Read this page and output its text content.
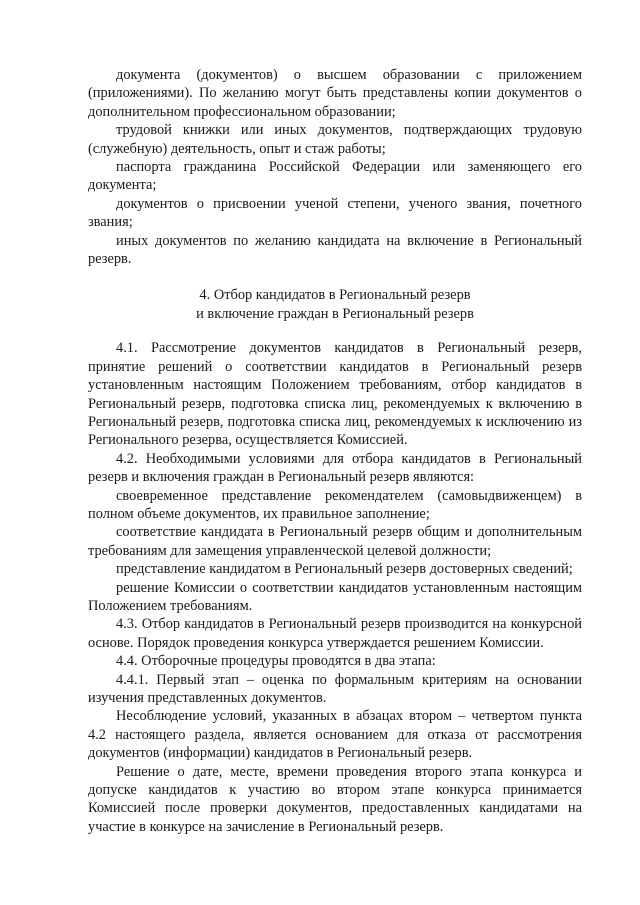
документа (документов) о высшем образовании с приложением (приложениями). По желанию могут быть представлены копии документов о дополнительном профессиональном образовании;

трудовой книжки или иных документов, подтверждающих трудовую (служебную) деятельность, опыт и стаж работы;

паспорта гражданина Российской Федерации или заменяющего его документа;

документов о присвоении ученой степени, ученого звания, почетного звания;

иных документов по желанию кандидата на включение в Региональный резерв.

4. Отбор кандидатов в Региональный резерв
и включение граждан в Региональный резерв

4.1. Рассмотрение документов кандидатов в Региональный резерв, принятие решений о соответствии кандидатов в Региональный резерв установленным настоящим Положением требованиям, отбор кандидатов в Региональный резерв, подготовка списка лиц, рекомендуемых к включению в Региональный резерв, подготовка списка лиц, рекомендуемых к исключению из Регионального резерва, осуществляется Комиссией.

4.2. Необходимыми условиями для отбора кандидатов в Региональный резерв и включения граждан в Региональный резерв являются:

своевременное представление рекомендателем (самовыдвиженцем) в полном объеме документов, их правильное заполнение;

соответствие кандидата в Региональный резерв общим и дополнительным требованиям для замещения управленческой целевой должности;

представление кандидатом в Региональный резерв достоверных сведений;

решение Комиссии о соответствии кандидатов установленным настоящим Положением требованиям.

4.3. Отбор кандидатов в Региональный резерв производится на конкурсной основе. Порядок проведения конкурса утверждается решением Комиссии.

4.4. Отборочные процедуры проводятся в два этапа:

4.4.1. Первый этап – оценка по формальным критериям на основании изучения представленных документов.

Несоблюдение условий, указанных в абзацах втором – четвертом пункта 4.2 настоящего раздела, является основанием для отказа от рассмотрения документов (информации) кандидатов в Региональный резерв.

Решение о дате, месте, времени проведения второго этапа конкурса и допуске кандидатов к участию во втором этапе конкурса принимается Комиссией после проверки документов, предоставленных кандидатами на участие в конкурсе на зачисление в Региональный резерв.
